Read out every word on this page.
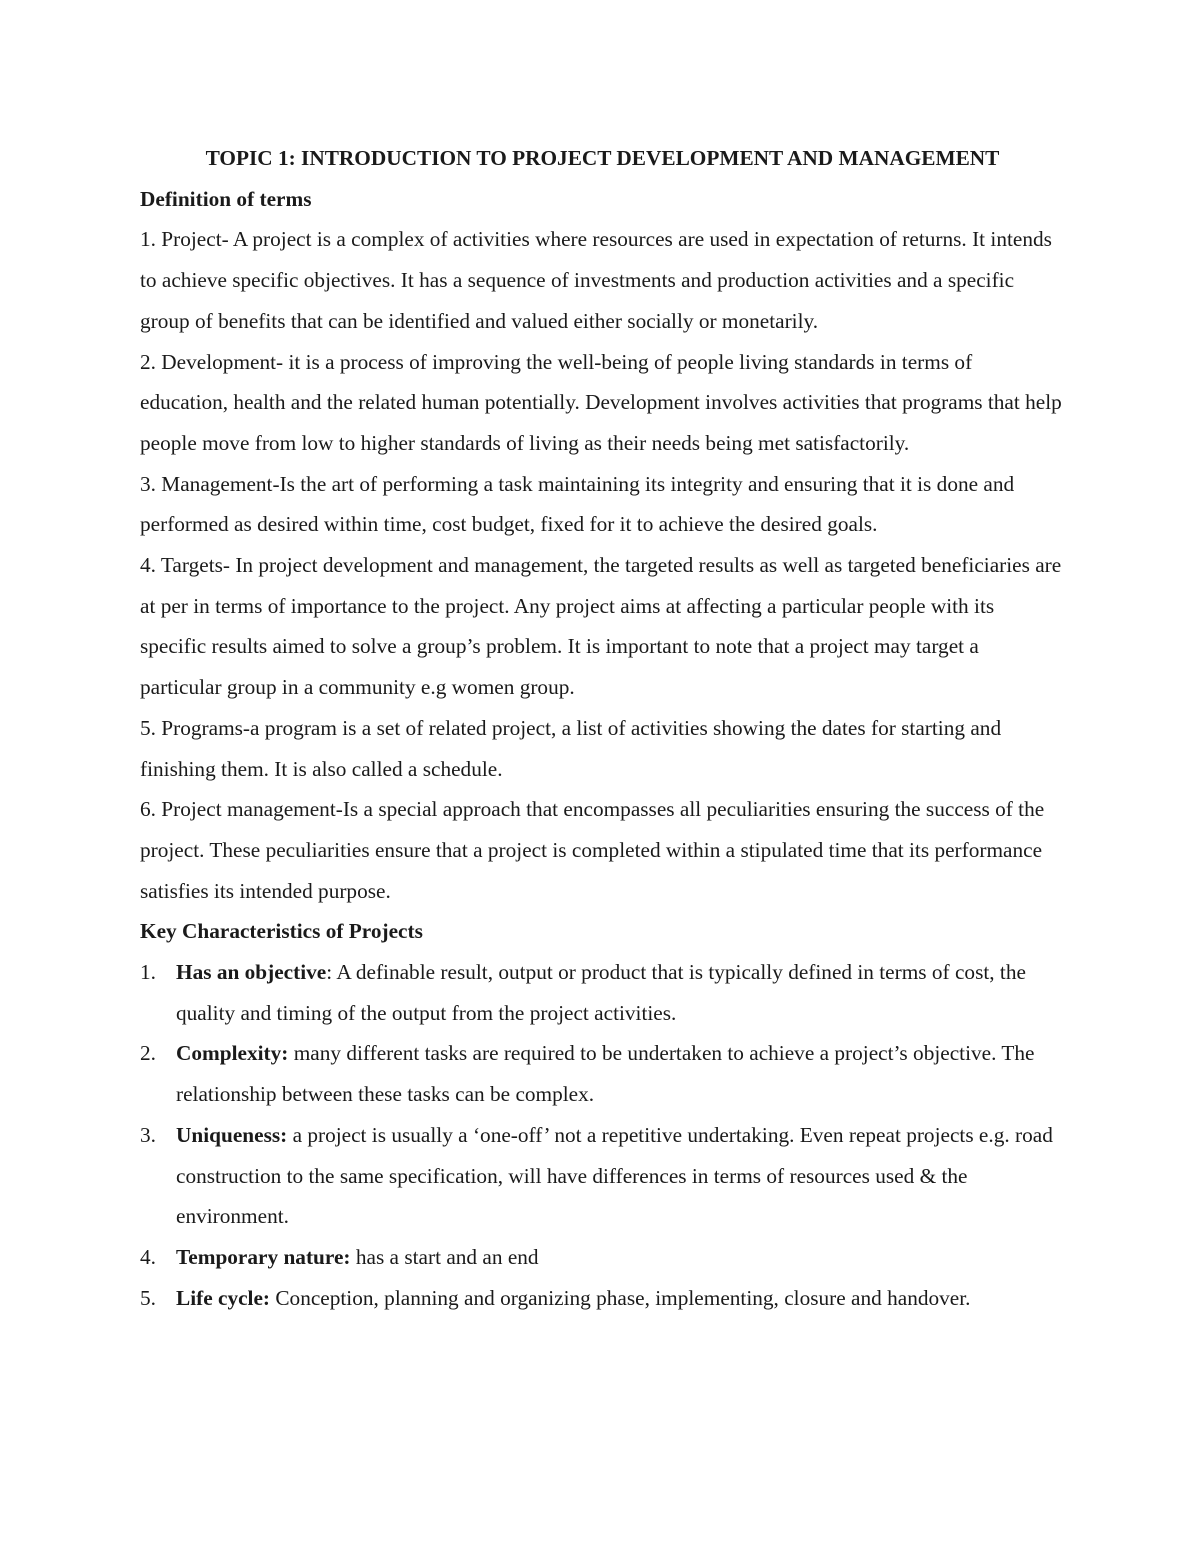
TOPIC 1: INTRODUCTION TO PROJECT DEVELOPMENT AND MANAGEMENT

Definition of terms

1. Project- A project is a complex of activities where resources are used in expectation of returns. It intends to achieve specific objectives. It has a sequence of investments and production activities and a specific group of benefits that can be identified and valued either socially or monetarily.

2. Development- it is a process of improving the well-being of people living standards in terms of education, health and the related human potentially. Development involves activities that programs that help people move from low to higher standards of living as their needs being met satisfactorily.

3. Management-Is the art of performing a task maintaining its integrity and ensuring that it is done and performed as desired within time, cost budget, fixed for it to achieve the desired goals.

4. Targets- In project development and management, the targeted results as well as targeted beneficiaries are at per in terms of importance to the project. Any project aims at affecting a particular people with its specific results aimed to solve a group’s problem. It is important to note that a project may target a particular group in a community e.g women group.

5. Programs-a program is a set of related project, a list of activities showing the dates for starting and finishing them. It is also called a schedule.

6. Project management-Is a special approach that encompasses all peculiarities ensuring the success of the project. These peculiarities ensure that a project is completed within a stipulated time that its performance satisfies its intended purpose.

Key Characteristics of Projects

1. Has an objective: A definable result, output or product that is typically defined in terms of cost, the quality and timing of the output from the project activities.
2. Complexity: many different tasks are required to be undertaken to achieve a project’s objective. The relationship between these tasks can be complex.
3. Uniqueness: a project is usually a ‘one-off’ not a repetitive undertaking. Even repeat projects e.g. road construction to the same specification, will have differences in terms of resources used & the environment.
4. Temporary nature: has a start and an end
5. Life cycle: Conception, planning and organizing phase, implementing, closure and handover.
